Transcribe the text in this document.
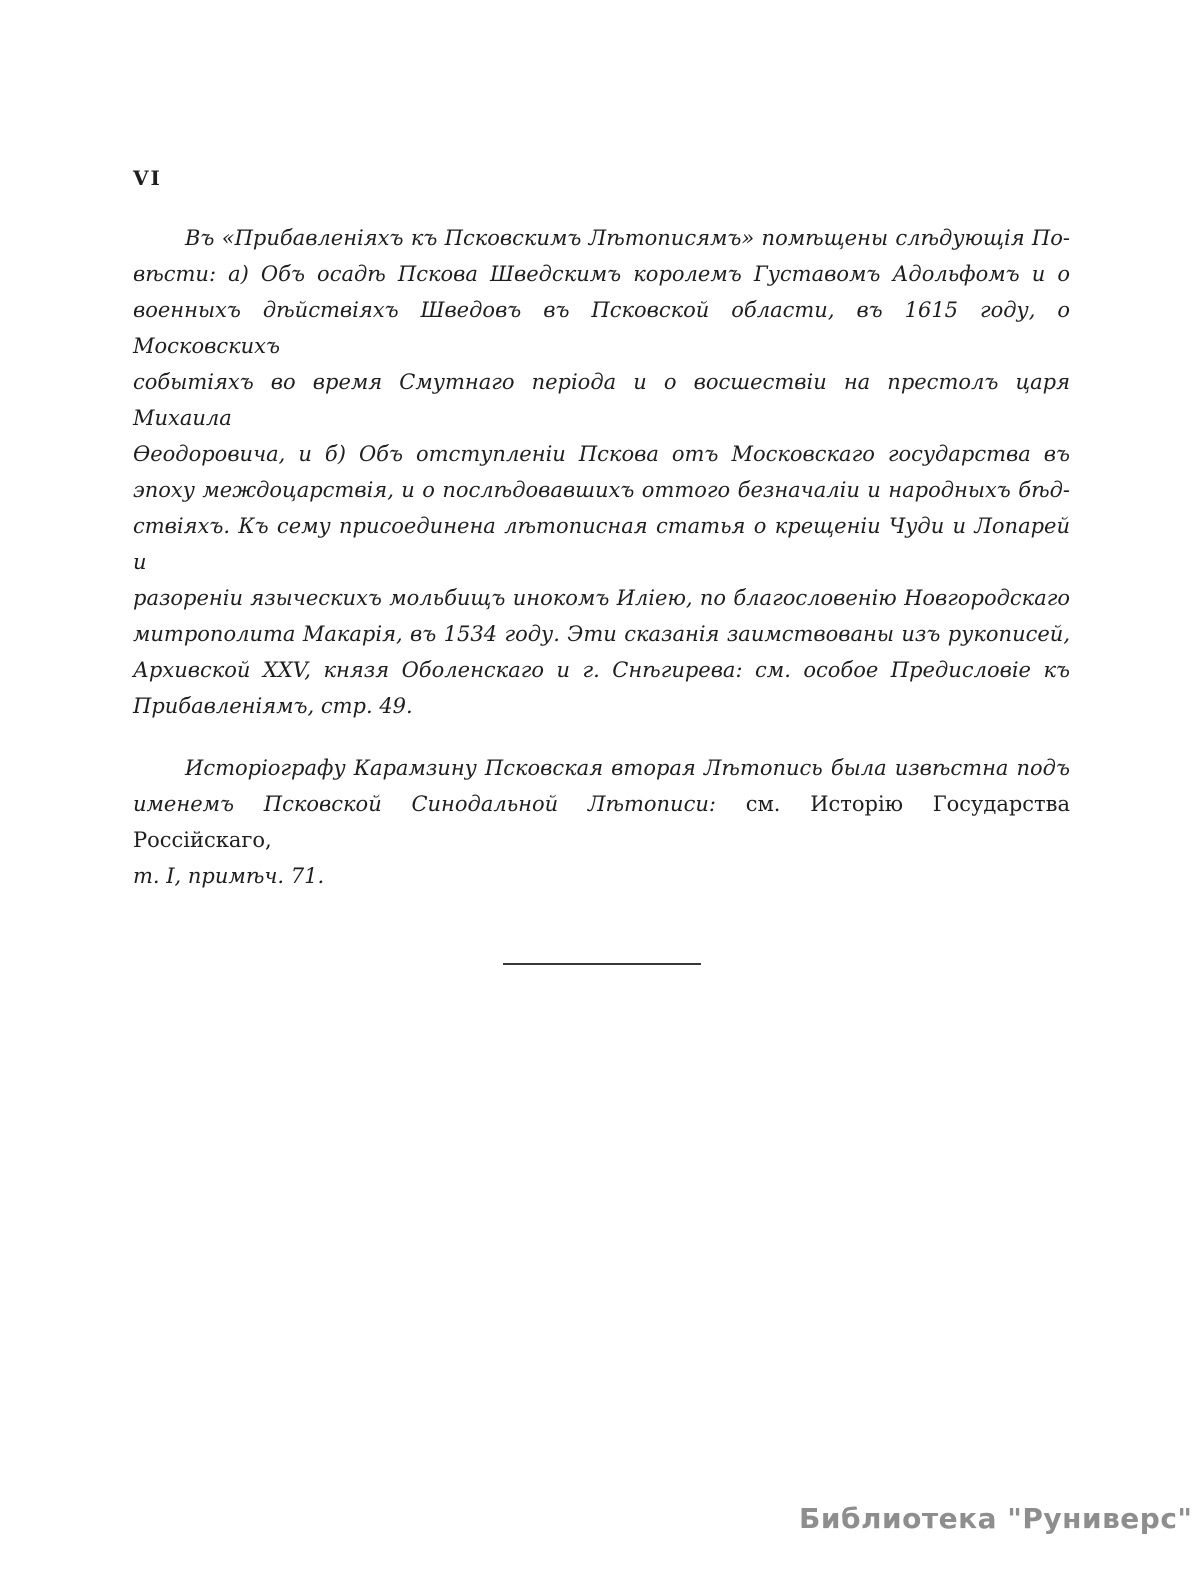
VI
Въ «Прибавленіяхъ къ Псковскимъ Лѣтописямъ» помѣщены слѣдующія По-
вѣсти: а) Объ осадѣ Пскова Шведскимъ королемъ Густавомъ Адольфомъ и о
военныхъ дѣйствіяхъ Шведовъ въ Псковской области, въ 1615 году, о Московскихъ
событіяхъ во время Смутнаго періода и о восшествіи на престолъ царя Михаила
Ѳеодоровича, и б) Объ отступленіи Пскова отъ Московскаго государства въ
эпоху междоцарствія, и о послѣдовавшихъ оттого безначаліи и народныхъ бѣд-
ствіяхъ. Къ сему присоединена лѣтописная статья о крещеніи Чуди и Лопарей и
разореніи языческихъ мольбищъ инокомъ Иліею, по благословенію Новгородскаго
митрополита Макарія, въ 1534 году. Эти сказанія заимствованы изъ рукописей,
Архивской XXV, князя Оболенскаго и г. Снѣгирева: см. особое Предисловіе къ
Прибавленіямъ, стр. 49.
Исторіографу Карамзину Псковская вторая Лѣтопись была извѣстна подъ
именемъ Псковской Синодальной Лѣтописи: см. Исторію Государства Россійскаго,
т. I, примѣч. 71.
Библиотека "Руниверс"
